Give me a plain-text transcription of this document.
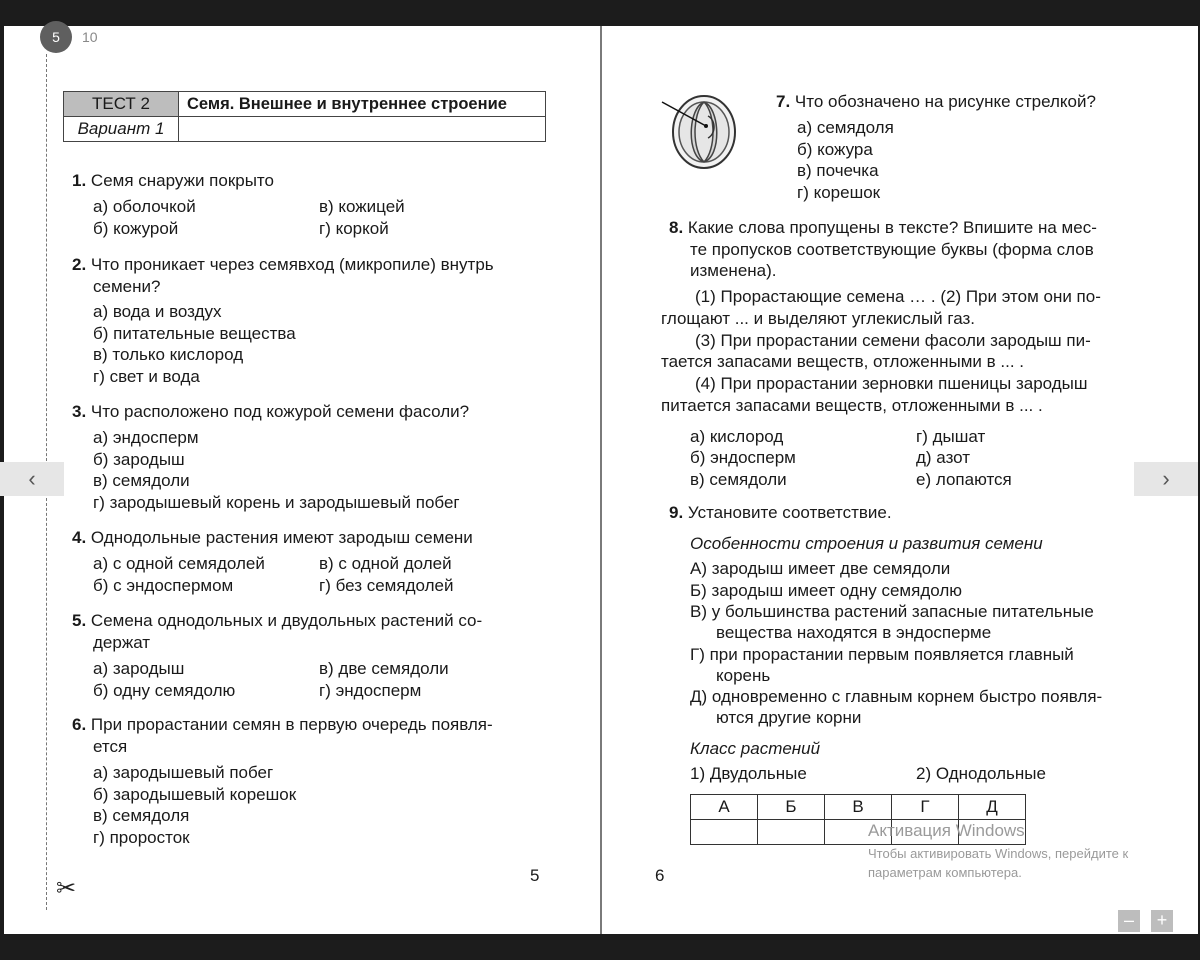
5	10
✂
ТЕСТ 2	Семя. Внешнее и внутреннее строение
Вариант 1	
1. Семя снаружи покрыто
а) оболочкой
б) кожурой
в) кожицей
г) коркой
2. Что проникает через семявход (микропиле) внутрь
семени?
а) вода и воздух
б) питательные вещества
в) только кислород
г) свет и вода
3. Что расположено под кожурой семени фасоли?
а) эндосперм
б) зародыш
в) семядоли
г) зародышевый корень и зародышевый побег
4. Однодольные растения имеют зародыш семени
а) с одной семядолей
б) с эндоспермом
в) с одной долей
г) без семядолей
5. Семена однодольных и двудольных растений со-
держат
а) зародыш
б) одну семядолю
в) две семядоли
г) эндосперм
6. При прорастании семян в первую очередь появля-
ется
а) зародышевый побег
б) зародышевый корешок
в) семядоля
г) проросток
5	6
7. Что обозначено на рисунке стрелкой?
а) семядоля
б) кожура
в) почечка
г) корешок
8. Какие слова пропущены в тексте? Впишите на мес-
те пропусков соответствующие буквы (форма слов
изменена).
(1) Прорастающие семена … . (2) При этом они по-
глощают ... и выделяют углекислый газ.
(3) При прорастании семени фасоли зародыш пи-
тается запасами веществ, отложенными в ... .
(4) При прорастании зерновки пшеницы зародыш
питается запасами веществ, отложенными в ... .
а) кислород
б) эндосперм
в) семядоли
г) дышат
д) азот
е) лопаются
9. Установите соответствие.
Особенности строения и развития семени
А) зародыш имеет две семядоли
Б) зародыш имеет одну семядолю
В) у большинства растений запасные питательные
вещества находятся в эндосперме
Г) при прорастании первым появляется главный
корень
Д) одновременно с главным корнем быстро появля-
ются другие корни
Класс растений
1) Двудольные	2) Однодольные
А	Б	В	Г	Д

Активация Windows
Чтобы активировать Windows, перейдите к
параметрам компьютера.
‹	›
–	+
